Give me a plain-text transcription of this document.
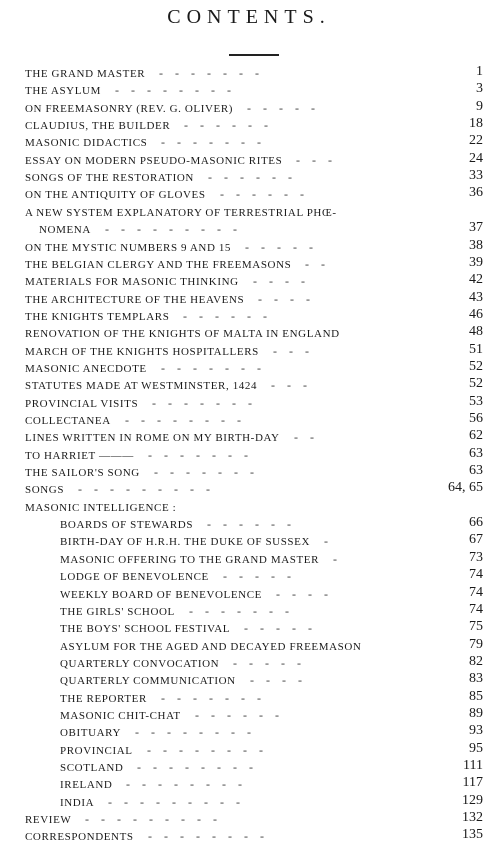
CONTENTS.
THE GRAND MASTER -    -    -    -    -    -    -	1
THE ASYLUM -    -    -    -    -    -    -    -	3
ON FREEMASONRY (REV. G. OLIVER) -    -    -    -    -	9
CLAUDIUS, THE BUILDER -    -    -    -    -    -	18
MASONIC DIDACTICS -    -    -    -    -    -    -	22
ESSAY ON MODERN PSEUDO-MASONIC RITES -    -    -	24
SONGS OF THE RESTORATION -    -    -    -    -    -	33
ON THE ANTIQUITY OF GLOVES -    -    -    -    -    -	36
A NEW SYSTEM EXPLANATORY OF TERRESTRIAL PHŒ-
NOMENA -    -    -    -    -    -    -    -    -	37
ON THE MYSTIC NUMBERS 9 AND 15 -    -    -    -    -	38
THE BELGIAN CLERGY AND THE FREEMASONS -    -	39
MATERIALS FOR MASONIC THINKING -    -    -    -	42
THE ARCHITECTURE OF THE HEAVENS -    -    -    -	43
THE KNIGHTS TEMPLARS -    -    -    -    -    -	46
RENOVATION OF THE KNIGHTS OF MALTA IN ENGLAND	48
MARCH OF THE KNIGHTS HOSPITALLERS -    -    -	51
MASONIC ANECDOTE -    -    -    -    -    -    -	52
STATUTES MADE AT WESTMINSTER, 1424 -    -    -	52
PROVINCIAL VISITS -    -    -    -    -    -    -	53
COLLECTANEA -    -    -    -    -    -    -    -	56
LINES WRITTEN IN ROME ON MY BIRTH-DAY -    -	62
TO HARRIET ——— -    -    -    -    -    -    -	63
THE SAILOR'S SONG -    -    -    -    -    -    -	63
SONGS -    -    -    -    -    -    -    -    -	64, 65
MASONIC INTELLIGENCE :
BOARDS OF STEWARDS -    -    -    -    -    -	66
BIRTH-DAY OF H.R.H. THE DUKE OF SUSSEX -	67
MASONIC OFFERING TO THE GRAND MASTER -	73
LODGE OF BENEVOLENCE -    -    -    -    -	74
WEEKLY BOARD OF BENEVOLENCE -    -    -    -	74
THE GIRLS' SCHOOL -    -    -    -    -    -    -	74
THE BOYS' SCHOOL FESTIVAL -    -    -    -    -	75
ASYLUM FOR THE AGED AND DECAYED FREEMASON	79
QUARTERLY CONVOCATION -    -    -    -    -	82
QUARTERLY COMMUNICATION -    -    -    -	83
THE REPORTER -    -    -    -    -    -    -	85
MASONIC CHIT-CHAT -    -    -    -    -    -	89
OBITUARY -    -    -    -    -    -    -    -	93
PROVINCIAL -    -    -    -    -    -    -    -	95
SCOTLAND -    -    -    -    -    -    -    -	111
IRELAND -    -    -    -    -    -    -    -	117
INDIA -    -    -    -    -    -    -    -    -	129
REVIEW -    -    -    -    -    -    -    -    -	132
CORRESPONDENTS -    -    -    -    -    -    -    -	135
